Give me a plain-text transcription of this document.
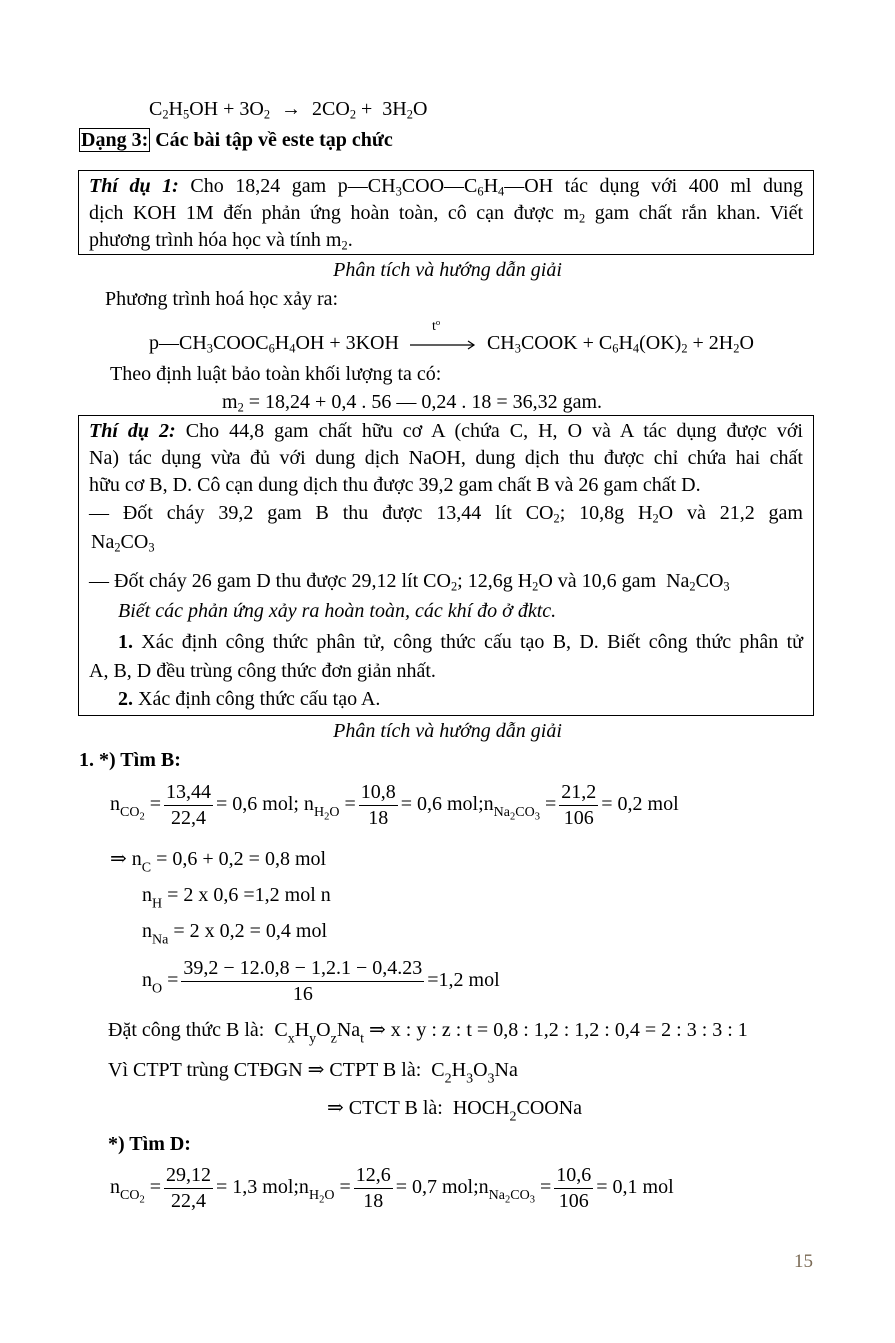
$C_2H_5OH + 3O_2 \to 2CO_2 + 3H_2O$
Dạng 3: Các bài tập về este tạp chức
Thí dụ 1: Cho 18,24 gam $p—CH_3COO—C_6H_4—OH$ tác dụng với 400 ml dung
dịch KOH 1M đến phản ứng hoàn toàn, cô cạn được $m_2$ gam chất rắn khan. Viết
phương trình hóa học và tính $m_2$.
Phân tích và hướng dẫn giải
Phương trình hoá học xảy ra:
$p—CH_3COOC_6H_4OH + 3KOH$
$t^o$
$CH_3COOK + C_6H_4(OK)_2 + 2H_2O$
Theo định luật bảo toàn khối lượng ta có:
$m_2 = 18,24 + 0,4$ . 56 — 0,24 . 18 = 36,32 gam.
Thí dụ 2: Cho 44,8 gam chất hữu cơ A (chứa C, H, O và A tác dụng được với
Na) tác dụng vừa đủ với dung dịch NaOH, dung dịch thu được chỉ chứa hai chất
hữu cơ B, D. Cô cạn dung dịch thu được 39,2 gam chất B và 26 gam chất D.
— Đốt cháy 39,2 gam B thu được 13,44 lít $CO_2$; 10,8g $H_2O$ và 21,2 gam
$Na_2CO_3$
— Đốt cháy 26 gam D thu được 29,12 lít $CO_2$; 12,6g $H_2O$ và 10,6 gam  $Na_2CO_3$
Biết các phản ứng xảy ra hoàn toàn, các khí đo ở đktc.
1. Xác định công thức phân tử, công thức cấu tạo B, D. Biết công thức phân tử
A, B, D đều trùng công thức đơn giản nhất.
2. Xác định công thức cấu tạo A.
Phân tích và hướng dẫn giải
1. *) Tìm B:
$n_{CO_2} = \frac{13,44}{22,4} = 0,6$ mol; $n_{H_2O} = \frac{10,8}{18} = 0,6$ $mol;n_{Na_2CO_3} = \frac{21,2}{106} = 0,2$ mol
⇒ $n_C = 0,6 + 0,2 = 0,8$ mol
$n_H = 2$ x 0,6 =1,2 mol n
$n_{Na} = 2$ x 0,2 = 0,4 mol
$n_O = \frac{39,2 - 12.0,8 - 1,2.1 - 0,4.23}{16} =1,2$ mol
Đặt công thức B là:  $C_xH_yO_zNa_t$ ⇒ x : y : z : t = 0,8 : 1,2 : 1,2 : 0,4 = 2 : 3 : 3 : 1
Vì CTPT trùng CTĐGN ⇒ CTPT B là:  $C_2H_3O_3Na$
⇒ CTCT B là:  $HOCH_2COONa$
*) Tìm D:
$n_{CO_2} = \frac{29,12}{22,4} = 1,3$ $mol;n_{H_2O} = \frac{12,6}{18} = 0,7$ $mol;n_{Na_2CO_3} = \frac{10,6}{106} = 0,1$ mol
15
